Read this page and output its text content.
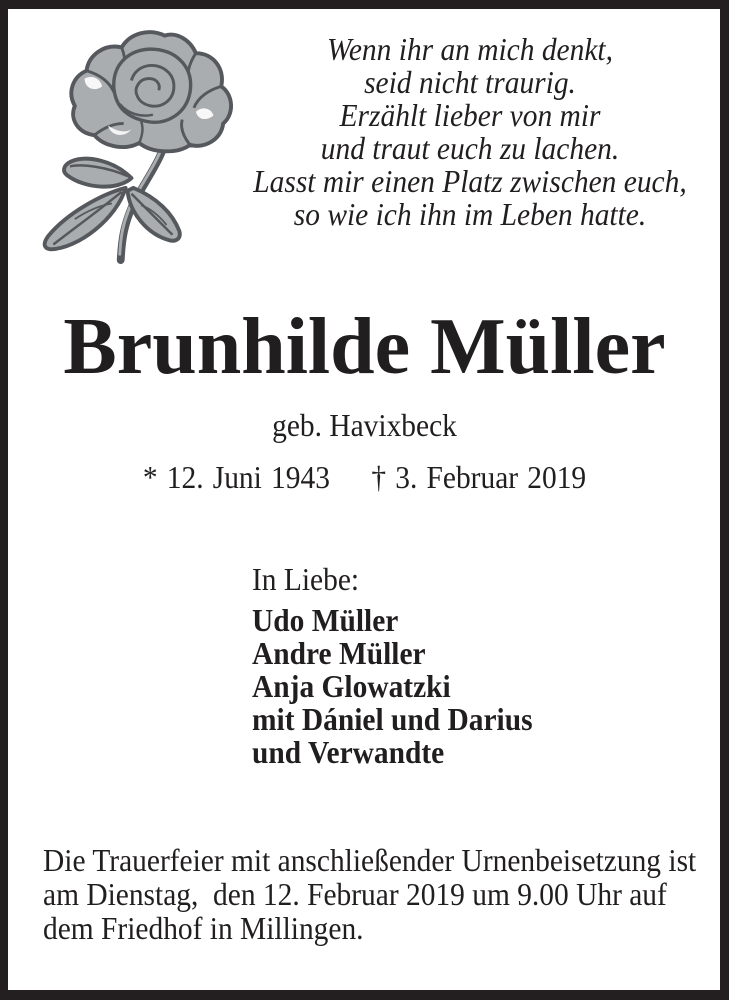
Wenn ihr an mich denkt,
seid nicht traurig.
Erzählt lieber von mir
und traut euch zu lachen.
Lasst mir einen Platz zwischen euch,
so wie ich ihn im Leben hatte.
Brunhilde Müller
geb. Havixbeck
* 12. Juni 1943 † 3. Februar 2019
In Liebe:
Udo Müller
Andre Müller
Anja Glowatzki
mit Dániel und Darius
und Verwandte
Die Trauerfeier mit anschließender Urnenbeisetzung ist
am Dienstag,  den 12. Februar 2019 um 9.00 Uhr auf
dem Friedhof in Millingen.
